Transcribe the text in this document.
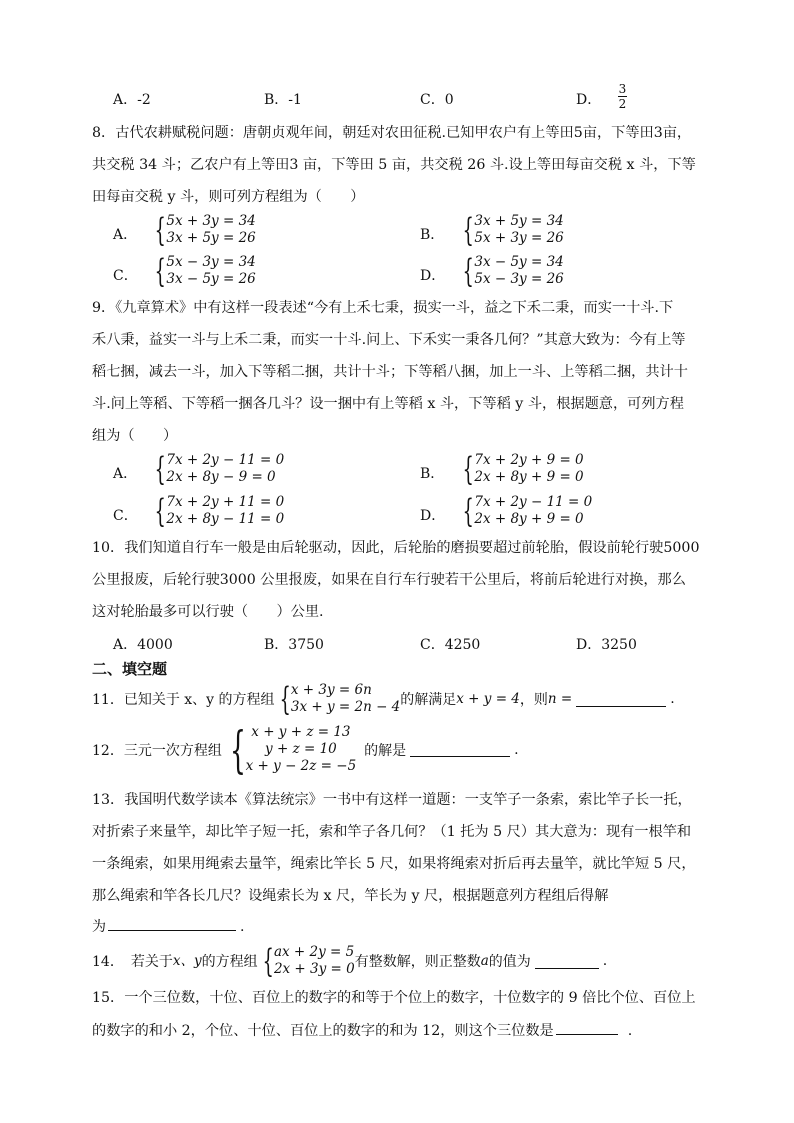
A．-2	B．-1	C．0	D．
3
2
8．古代农耕赋税问题：唐朝贞观年间，朝廷对农田征税.已知甲农户有上等田5亩，下等田3亩，
共交税 34 斗；乙农户有上等田3 亩，下等田 5 亩，共交税 26 斗.设上等田每亩交税 x 斗，下等
田每亩交税 y 斗，则可列方程组为（　　）
A． { 5x + 3y = 34
3x + 5y = 26	B． { 3x + 5y = 34
5x + 3y = 26
C． { 5x − 3y = 34
3x − 5y = 26	D． { 3x − 5y = 34
5x − 3y = 26
9．《九章算术》中有这样一段表述“今有上禾七秉，损实一斗，益之下禾二秉，而实一十斗.下
禾八秉，益实一斗与上禾二秉，而实一十斗.问上、下禾实一秉各几何？”其意大致为：今有上等
稻七捆，减去一斗，加入下等稻二捆，共计十斗；下等稻八捆，加上一斗、上等稻二捆，共计十
斗.问上等稻、下等稻一捆各几斗？设一捆中有上等稻 x 斗，下等稻 y 斗，根据题意，可列方程
组为（　　）
A． { 7x + 2y − 11 = 0
2x + 8y − 9 = 0	B． { 7x + 2y + 9 = 0
2x + 8y + 9 = 0
C． { 7x + 2y + 11 = 0
2x + 8y − 11 = 0	D． { 7x + 2y − 11 = 0
2x + 8y + 9 = 0
10．我们知道自行车一般是由后轮驱动，因此，后轮胎的磨损要超过前轮胎，假设前轮行驶5000
公里报废，后轮行驶3000 公里报废，如果在自行车行驶若干公里后，将前后轮进行对换，那么
这对轮胎最多可以行驶（　　）公里.
A．4000	B．3750	C．4250	D．3250
二、填空题
11．已知关于 x、y 的方程组 { x + 3y = 6n
3x + y = 2n − 4 的解满足 x + y = 4 ，则 n =	.
12．三元一次方程组 { x + y + z = 13
y + z = 10
x + y − 2z = −5
的解是	.
13．我国明代数学读本《算法统宗》一书中有这样一道题：一支竿子一条索，索比竿子长一托，
对折索子来量竿，却比竿子短一托，索和竿子各几何？（1 托为 5 尺）其大意为：现有一根竿和
一条绳索，如果用绳索去量竿，绳索比竿长 5 尺，如果将绳索对折后再去量竿，就比竿短 5 尺，
那么绳索和竿各长几尺？设绳索长为 x 尺，竿长为 y 尺，根据题意列方程组后得解
为	.
14．　若关于 x、y 的方程组 { ax + 2y = 5
2x + 3y = 0 有整数解，则正整数 a 的值为	.
15．一个三位数，十位、百位上的数字的和等于个位上的数字，十位数字的 9 倍比个位、百位上
的数字的和小 2，个位、十位、百位上的数字的和为 12，则这个三位数是	.
